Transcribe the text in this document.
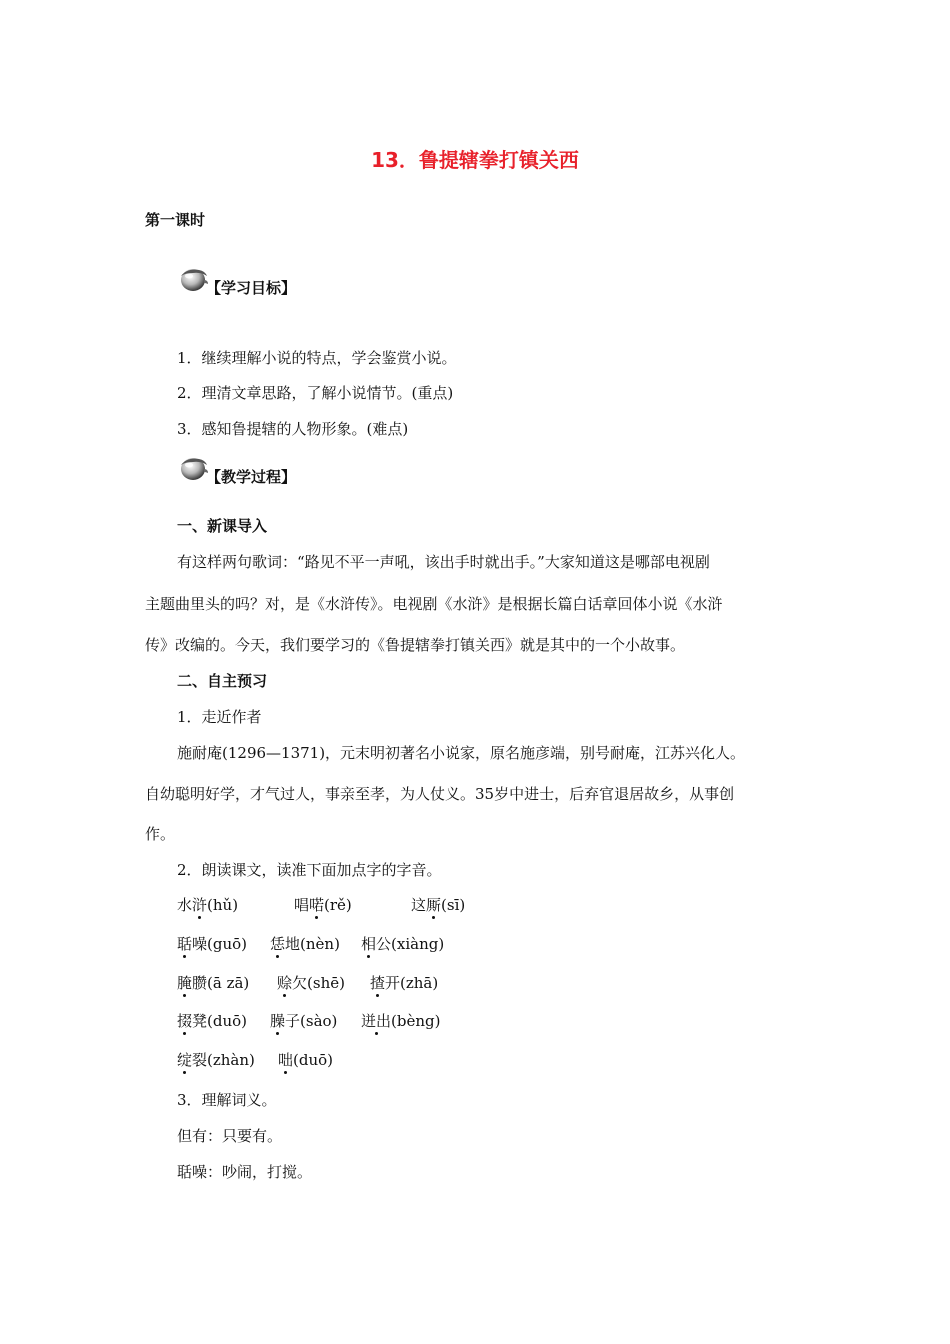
13．鲁提辖拳打镇关西
第一课时
【学习目标】
1．继续理解小说的特点，学会鉴赏小说。
2．理清文章思路，了解小说情节。(重点)
3．感知鲁提辖的人物形象。(难点)
【教学过程】
一、新课导入
有这样两句歌词：“路见不平一声吼，该出手时就出手。”大家知道这是哪部电视剧
主题曲里头的吗？对，是《水浒传》。电视剧《水浒》是根据长篇白话章回体小说《水浒
传》改编的。今天，我们要学习的《鲁提辖拳打镇关西》就是其中的一个小故事。
二、自主预习
1．走近作者
施耐庵(1296—1371)，元末明初著名小说家，原名施彦端，别号耐庵，江苏兴化人。
自幼聪明好学，才气过人，事亲至孝，为人仗义。35岁中进士，后弃官退居故乡，从事创
作。
2．朗读课文，读准下面加点字的字音。
水浒(hǔ)	唱喏(rě)	这厮(sī)
聒噪(guō) 恁地(nèn) 相公(xiàng)
腌臜(ā zā) 赊欠(shē) 揸开(zhā)
掇凳(duō) 臊子(sào) 迸出(bèng)
绽裂(zhàn) 咄(duō)
3．理解词义。
但有：只要有。
聒噪：吵闹，打搅。
